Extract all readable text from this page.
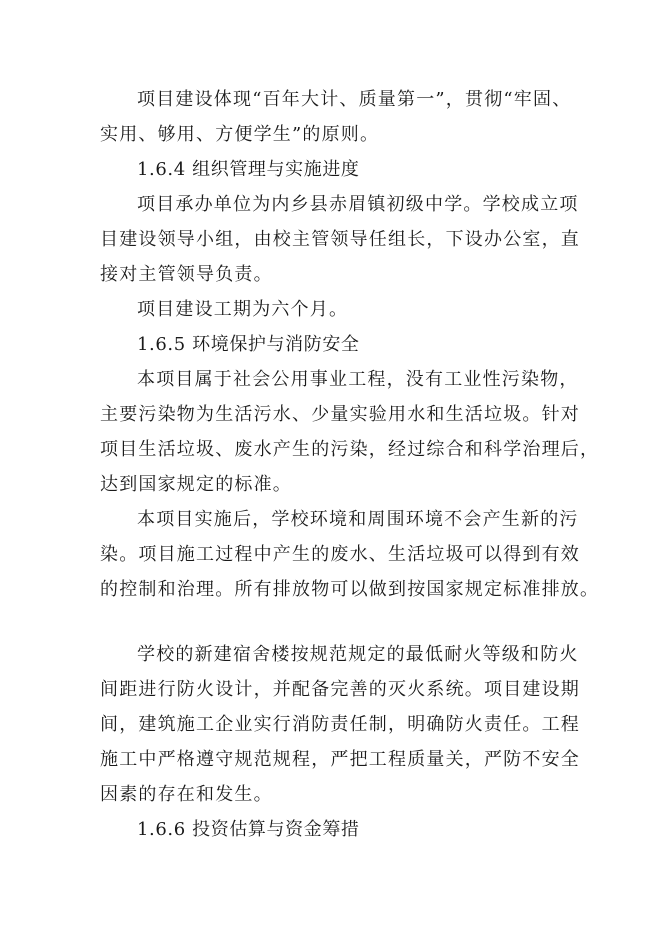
项目建设体现“百年大计、质量第一”，贯彻“牢固、
实用、够用、方便学生”的原则。
1.6.4 组织管理与实施进度
项目承办单位为内乡县赤眉镇初级中学。学校成立项
目建设领导小组，由校主管领导任组长，下设办公室，直
接对主管领导负责。
项目建设工期为六个月。
1.6.5 环境保护与消防安全
本项目属于社会公用事业工程，没有工业性污染物，
主要污染物为生活污水、少量实验用水和生活垃圾。针对
项目生活垃圾、废水产生的污染，经过综合和科学治理后，
达到国家规定的标准。
本项目实施后，学校环境和周围环境不会产生新的污
染。项目施工过程中产生的废水、生活垃圾可以得到有效
的控制和治理。所有排放物可以做到按国家规定标准排放。
学校的新建宿舍楼按规范规定的最低耐火等级和防火
间距进行防火设计，并配备完善的灭火系统。项目建设期
间，建筑施工企业实行消防责任制，明确防火责任。工程
施工中严格遵守规范规程，严把工程质量关，严防不安全
因素的存在和发生。
1.6.6 投资估算与资金筹措
